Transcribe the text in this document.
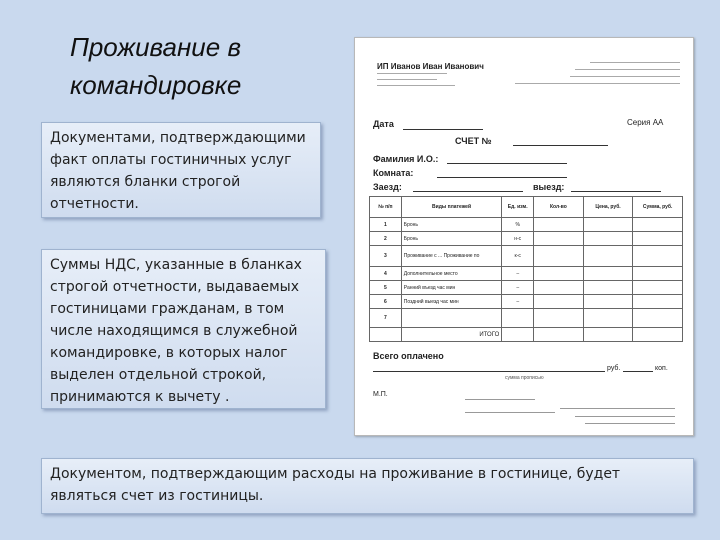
Проживание в
командировке
Документами, подтверждающими факт оплаты гостиничных услуг являются бланки строгой отчетности.
Суммы НДС, указанные в бланках строгой отчетности, выдаваемых гостиницами гражданам, в том числе находящимся в служебной командировке, в которых налог выделен отдельной строкой, принимаются к вычету .
Документом, подтверждающим расходы на проживание в гостинице, будет являться счет из гостиницы.
ИП Иванов Иван Иванович
Дата	Серия АА
СЧЕТ №
Фамилия И.О.:
Комната:
Заезд:	выезд:
№ п/п	Виды платежей	Ед. изм.	Кол-во	Цена, руб.	Сумма, руб.
1	Бронь	%			
2	Бронь	н-с			
3	Проживание с ... Проживание по	к-с			
4	Дополнительное место	–			
5	Ранний въезд час мин	–			
6	Поздний выезд час мин	–			
7					
	ИТОГО				
Всего оплачено
руб.	коп.
сумма прописью
М.П.
